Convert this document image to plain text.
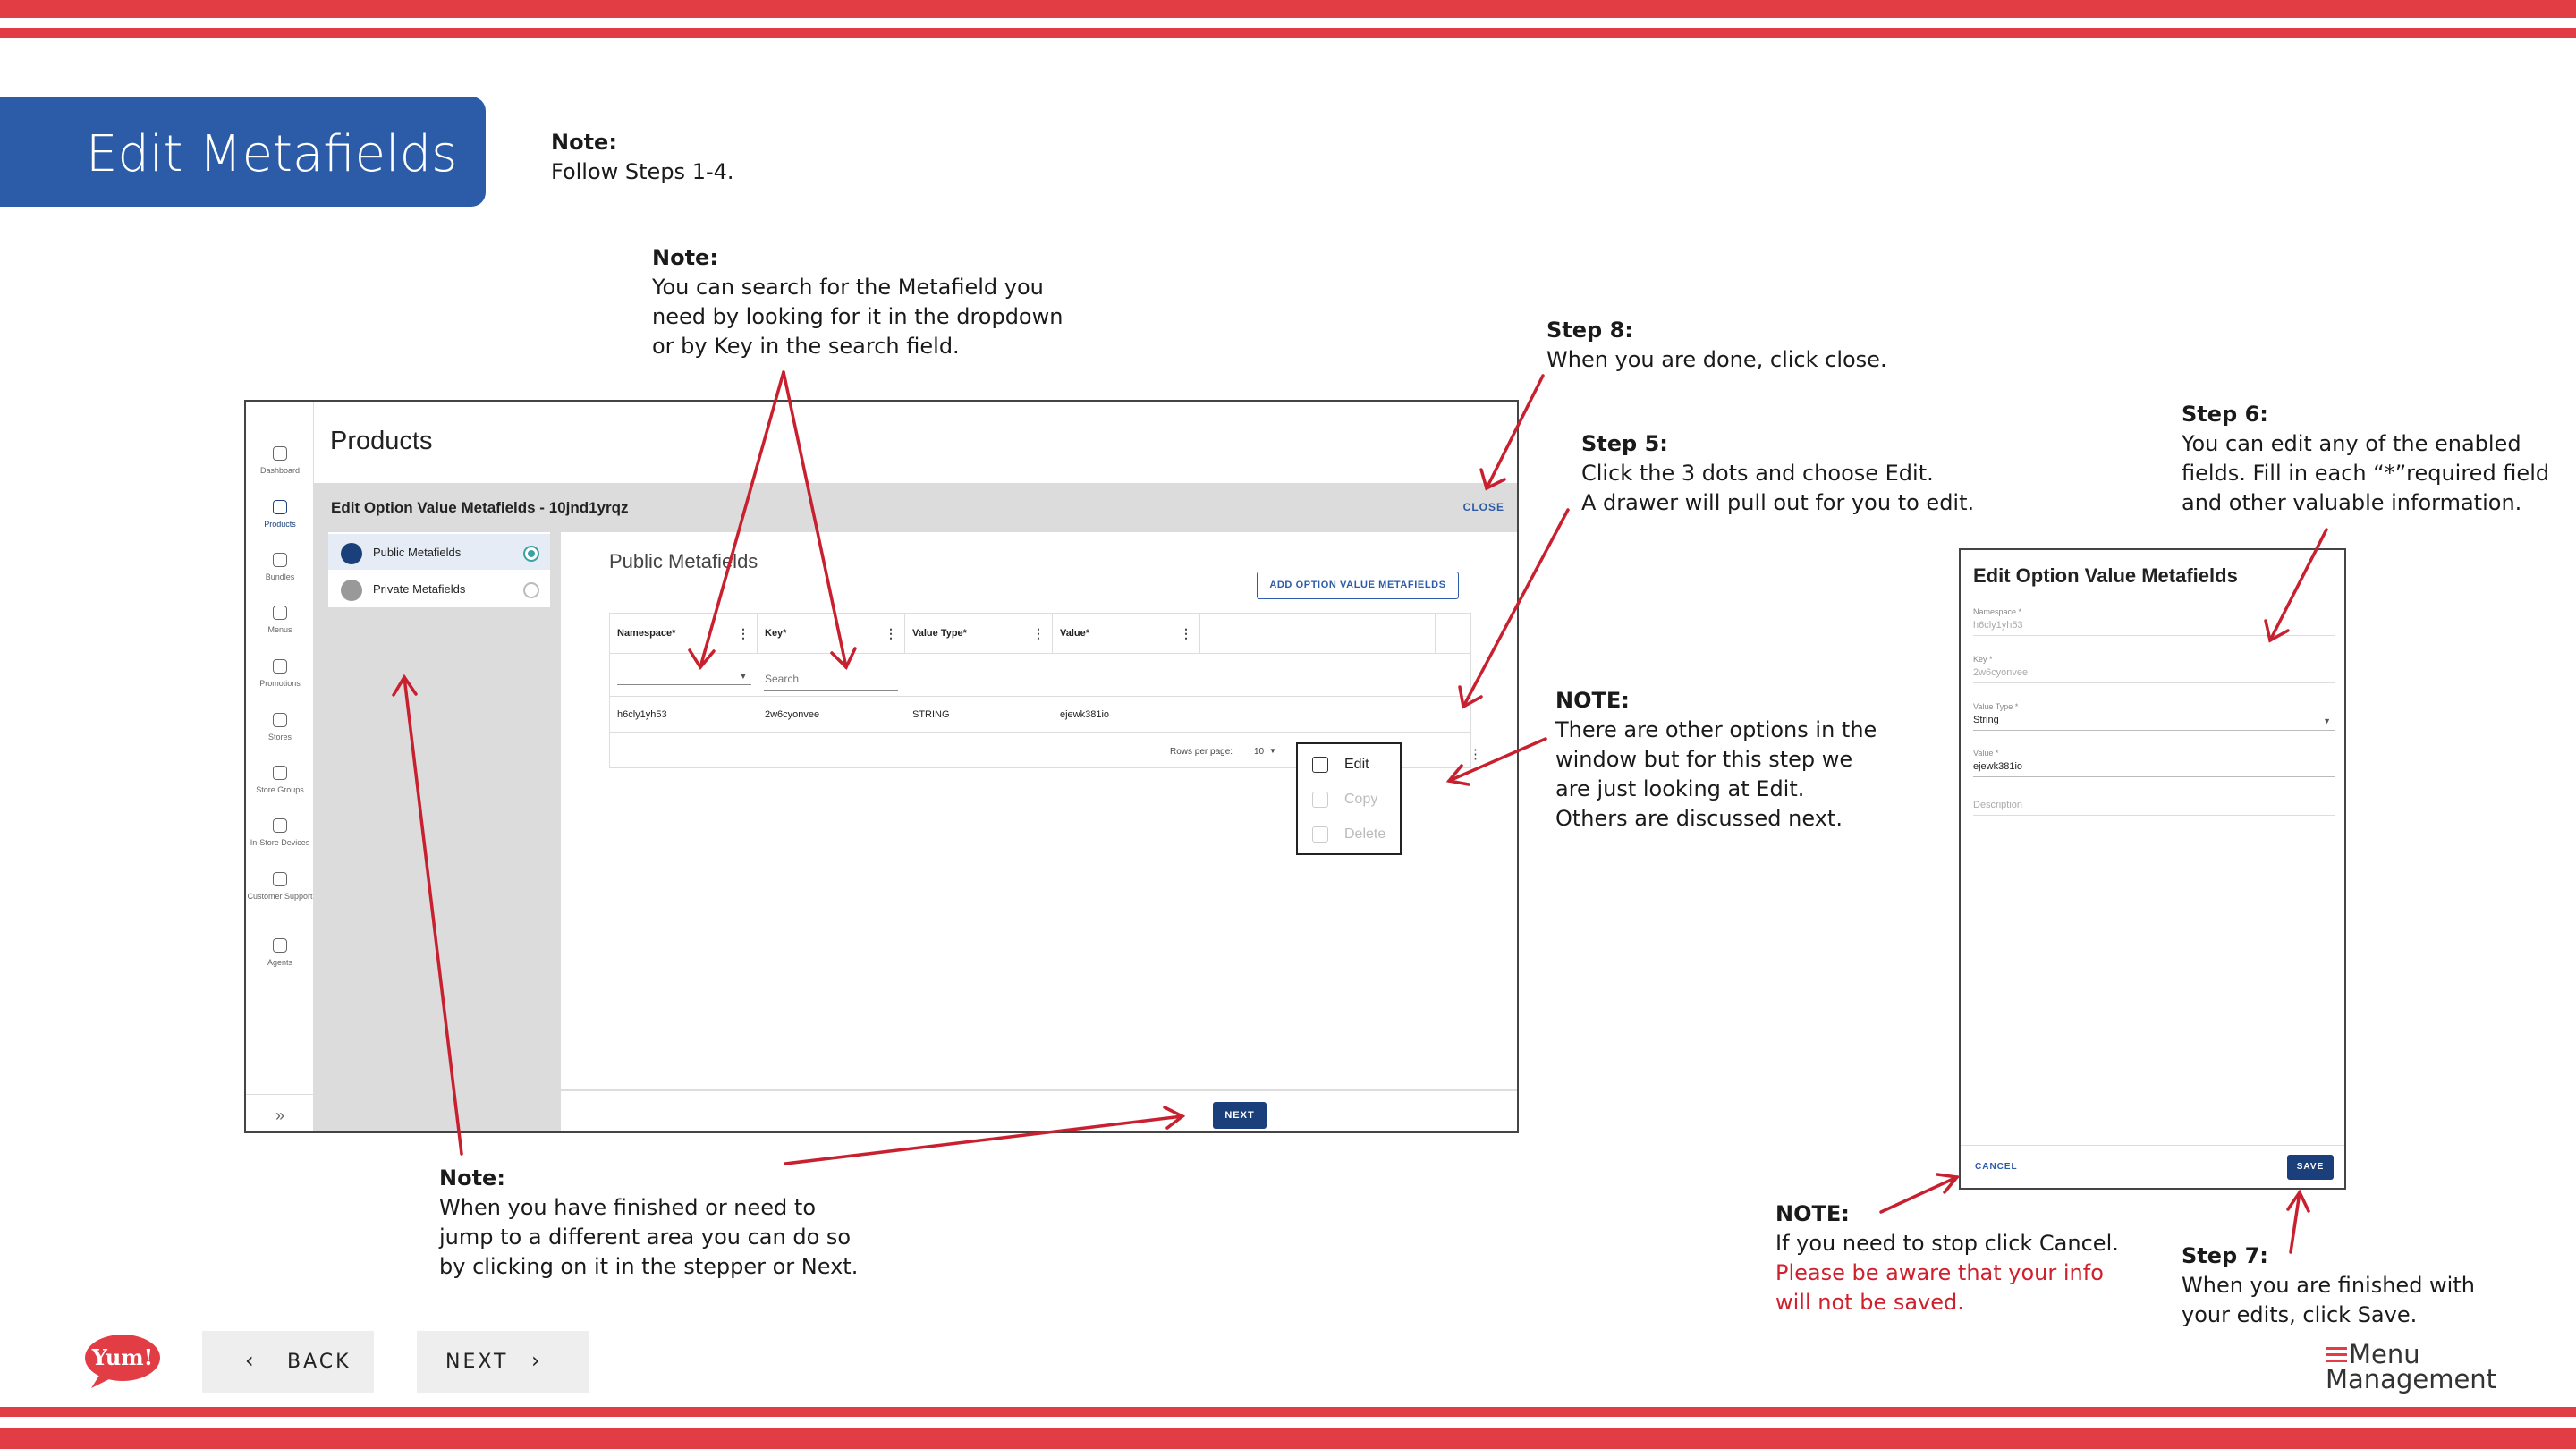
Edit Metafields	Note:
Follow Steps 1-4.
Note:
You can search for the Metafield you
need by looking for it in the dropdown
or by Key in the search field.
Step 8:
When you are done, click close.
Step 5:
Click the 3 dots and choose Edit.
A drawer will pull out for you to edit.
Step 6:
You can edit any of the enabled
fields. Fill in each “*”required field
and other valuable information.
NOTE:
There are other options in the
window but for this step we
are just looking at Edit.
Others are discussed next.
Note:
When you have finished or need to
jump to a different area you can do so
by clicking on it in the stepper or Next.
NOTE:
If you need to stop click Cancel.
Please be aware that your info
will not be saved.
Step 7:
When you are finished with
your edits, click Save.
Dashboard
Products
Bundles
Menus
Promotions
Stores
Store Groups
In-Store Devices
Customer Support
Agents
»
Products
Edit Option Value Metafields - 10jnd1yrqz	CLOSE
Public Metafields
Private Metafields
Public Metafields
ADD OPTION VALUE METAFIELDS
Namespace*	⋮	Key*	⋮	Value Type*	⋮	Value*	⋮
▼ Search
h6cly1yh53	2w6cyonvee	STRING	ejewk381io
Rows per page: 10 ▼	⋮
Edit
Copy
Delete
NEXT
Edit Option Value Metafields
Namespace *
h6cly1yh53
Key *
2w6cyonvee
Value Type *
String	▼
Value *
ejewk381io
Description
CANCEL	SAVE
Yum!	‹ BACK	NEXT ›	Menu
Management
